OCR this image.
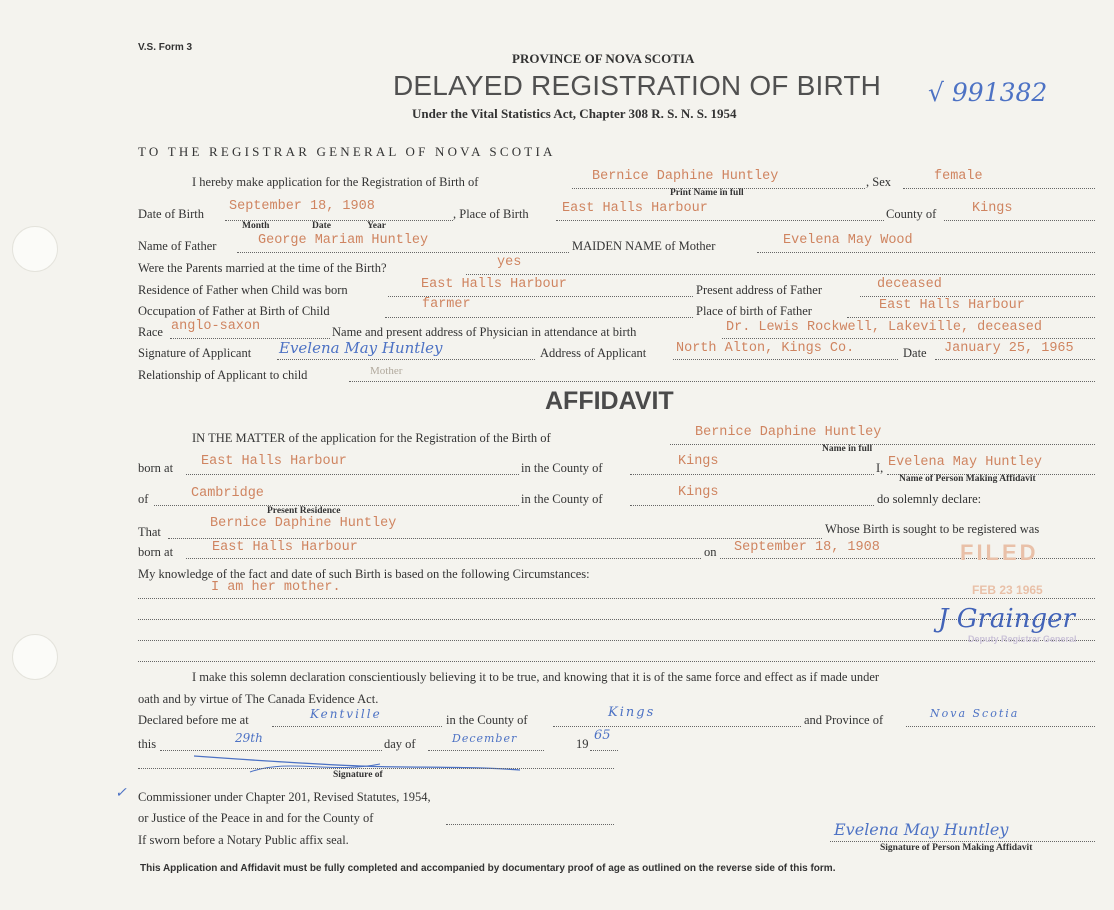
V.S. Form 3
PROVINCE OF NOVA SCOTIA
DELAYED REGISTRATION OF BIRTH
Under the Vital Statistics Act, Chapter 308 R. S. N. S. 1954
√ 991382
TO THE REGISTRAR GENERAL OF NOVA SCOTIA
I hereby make application for the Registration of Birth of	Bernice Daphine Huntley	, Sex	female
Print Name in full
Date of Birth September 18, 1908	, Place of Birth East Halls Harbour	County of	Kings
Month	Date	Year
Name of Father	George Mariam Huntley	MAIDEN NAME of Mother	Evelena May Wood
Were the Parents married at the time of the Birth?	yes
Residence of Father when Child was born	East Halls Harbour	Present address of Father	deceased
Occupation of Father at Birth of Child	farmer	Place of birth of Father	East Halls Harbour
Race anglo-saxon	Name and present address of Physician in attendance at birth	Dr. Lewis Rockwell, Lakeville, deceased
Signature of Applicant Evelena May Huntley	Address of Applicant North Alton, Kings Co.	Date January 25, 1965
Relationship of Applicant to child	Mother
AFFIDAVIT
IN THE MATTER of the application for the Registration of the Birth of	Bernice Daphine Huntley
Name in full
born at East Halls Harbour	in the County of	Kings	I, Evelena May Huntley
Name of Person Making Affidavit
of	Cambridge	in the County of	Kings	do solemnly declare:
Present Residence
That
Bernice Daphine Huntley	Whose Birth is sought to be registered was
born at	East Halls Harbour	on September 18, 1908
My knowledge of the fact and date of such Birth is based on the following Circumstances:
I am her mother.
FILED
FEB 23 1965
Deputy Registrar General
J Grainger
I make this solemn declaration conscientiously believing it to be true, and knowing that it is of the same force and effect as if made under
oath and by virtue of The Canada Evidence Act.
Declared before me at	Kentville	in the County of	Kings	and Province of	Nova Scotia
this	29th	day of	December	19
65
Signature of
✓ Commissioner under Chapter 201, Revised Statutes, 1954,
or Justice of the Peace in and for the County of
If sworn before a Notary Public affix seal.
Evelena May Huntley
Signature of Person Making Affidavit
This Application and Affidavit must be fully completed and accompanied by documentary proof of age as outlined on the reverse side of this form.
